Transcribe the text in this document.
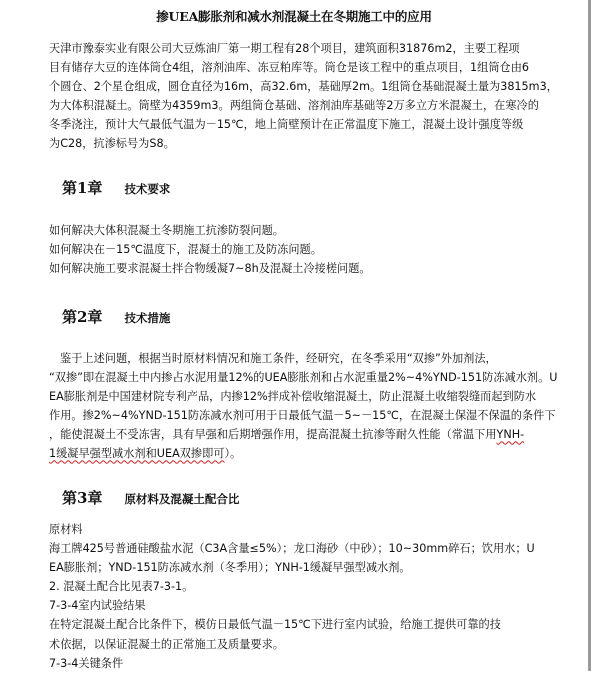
掺UEA膨胀剂和减水剂混凝土在冬期施工中的应用
天津市豫泰实业有限公司大豆炼油厂第一期工程有28个项目，建筑面积31876m2，主要工程项
目有储存大豆的连体筒仓4组，溶剂油库、冻豆粕库等。筒仓是该工程中的重点项目，1组筒仓由6
个圆仓、2个星仓组成，圆仓直径为16m，高32.6m，基础厚2m。1组筒仓基础混凝土量为3815m3，
为大体积混凝土。筒壁为4359m3。两组筒仓基础、溶剂油库基础等2万多立方米混凝土，在寒冷的
冬季浇注，预计大气最低气温为－15℃，地上筒壁预计在正常温度下施工，混凝土设计强度等级
为C28，抗渗标号为S8。
第1章 技术要求
如何解决大体积混凝土冬期施工抗渗防裂问题。
如何解决在－15℃温度下，混凝土的施工及防冻问题。
如何解决施工要求混凝土拌合物缓凝7~8h及混凝土冷接槎问题。
第2章 技术措施
鉴于上述问题，根据当时原材料情况和施工条件，经研究，在冬季采用“双掺”外加剂法，
“双掺”即在混凝土中内掺占水泥用量12%的UEA膨胀剂和占水泥重量2%~4%YND-151防冻减水剂。U
EA膨胀剂是中国建材院专利产品，内掺12%拌成补偿收缩混凝土，防止混凝土收缩裂缝而起到防水
作用。掺2%~4%YND-151防冻减水剂可用于日最低气温－5~－15℃，在混凝土保湿不保温的条件下
，能使混凝土不受冻害，具有早强和后期增强作用，提高混凝土抗渗等耐久性能（常温下用YNH-
1缓凝早强型减水剂和UEA双掺即可）。
第3章 原材料及混凝土配合比
原材料
海工牌425号普通硅酸盐水泥（C3A含量≤5%）；龙口海砂（中砂）；10~30mm碎石；饮用水；U
EA膨胀剂；YND-151防冻减水剂（冬季用）；YNH-1缓凝早强型减水剂。
2. 混凝土配合比见表7-3-1。
7-3-4室内试验结果
在特定混凝土配合比条件下，模仿日最低气温－15℃下进行室内试验，给施工提供可靠的技
术依据，以保证混凝土的正常施工及质量要求。
7-3-4关键条件
